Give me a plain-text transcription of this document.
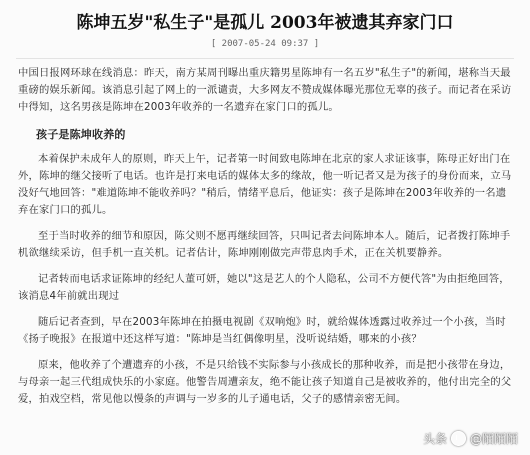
陈坤五岁"私生子"是孤儿 2003年被遗其弃家门口
[ 2007-05-24 09:37 ]

中国日报网环球在线消息：昨天，南方某周刊曝出重庆籍男星陈坤有一名五岁"私生子"的新闻，堪称当天最重磅的娱乐新闻。该消息引起了网上的一派谴责，大多网友不赞成媒体曝光那位无辜的孩子。而记者在采访中得知，这名男孩是陈坤在2003年收养的一名遗弃在家门口的孤儿。

孩子是陈坤收养的

本着保护未成年人的原则，昨天上午，记者第一时间致电陈坤在北京的家人求证该事，陈母正好出门在外，陈坤的继父接听了电话。也许是打来电话的媒体太多的缘故，他一听记者又是为孩子的身份而来，立马没好气地回答："难道陈坤不能收养吗？"稍后，情绪平息后，他证实：孩子是陈坤在2003年收养的一名遗弃在家门口的孤儿。

至于当时收养的细节和原因，陈父则不愿再继续回答，只叫记者去问陈坤本人。随后，记者拨打陈坤手机欲继续采访，但手机一直关机。记者估计，陈坤刚刚做完声带息肉手术，正在关机要静养。

记者转而电话求证陈坤的经纪人董可妍，她以"这是艺人的个人隐私，公司不方便代答"为由拒绝回答，该消息4年前就出现过

随后记者查到，早在2003年陈坤在拍摄电视剧《双响炮》时，就给媒体透露过收养过一个小孩，当时《扬子晚报》在报道中还这样写道："陈坤是当红偶像明星，没听说结婚，哪来的小孩？

原来，他收养了个遭遗弃的小孩，不是只给钱不实际参与小孩成长的那种收养，而是把小孩带在身边，与母亲一起三代组成快乐的小家庭。他警告周遭亲友，绝不能让孩子知道自己是被收养的，他付出完全的父爱，拍戏空档，常见他以慢条的声调与一岁多的儿子通电话，父子的感情亲密无间。

头条 @陌陌陌
